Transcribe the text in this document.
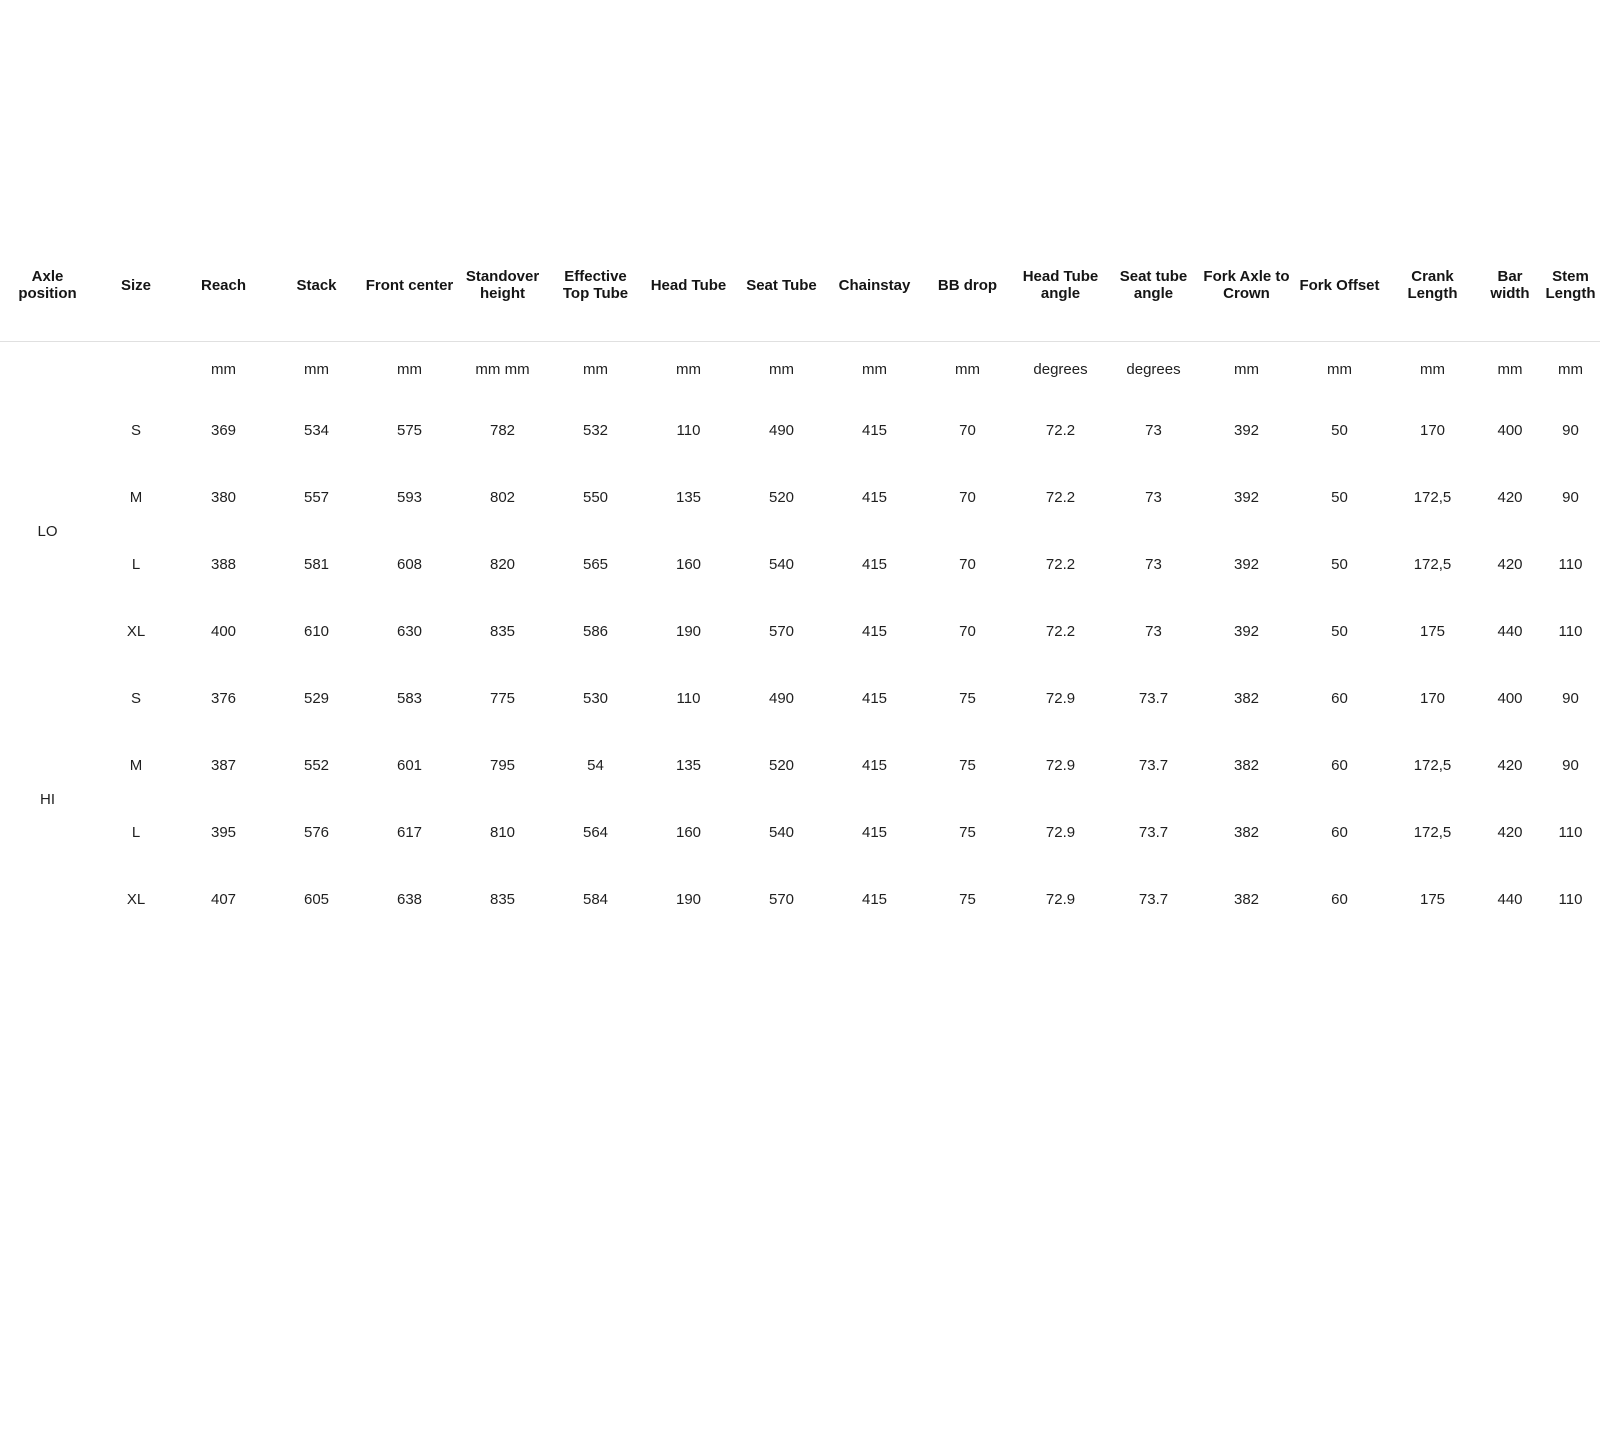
Axle position	Size	Reach	Stack	Front center	Standover height	Effective Top Tube	Head Tube	Seat Tube	Chainstay	BB drop	Head Tube angle	Seat tube angle	Fork Axle to Crown	Fork Offset	Crank Length	Bar width	Stem Length
		mm	mm	mm	mm mm	mm	mm	mm	mm	mm	degrees	degrees	mm	mm	mm	mm	mm
LO	S	369	534	575	782	532	110	490	415	70	72.2	73	392	50	170	400	90
	M	380	557	593	802	550	135	520	415	70	72.2	73	392	50	172,5	420	90
	L	388	581	608	820	565	160	540	415	70	72.2	73	392	50	172,5	420	110
	XL	400	610	630	835	586	190	570	415	70	72.2	73	392	50	175	440	110
HI	S	376	529	583	775	530	110	490	415	75	72.9	73.7	382	60	170	400	90
	M	387	552	601	795	54	135	520	415	75	72.9	73.7	382	60	172,5	420	90
	L	395	576	617	810	564	160	540	415	75	72.9	73.7	382	60	172,5	420	110
	XL	407	605	638	835	584	190	570	415	75	72.9	73.7	382	60	175	440	110
